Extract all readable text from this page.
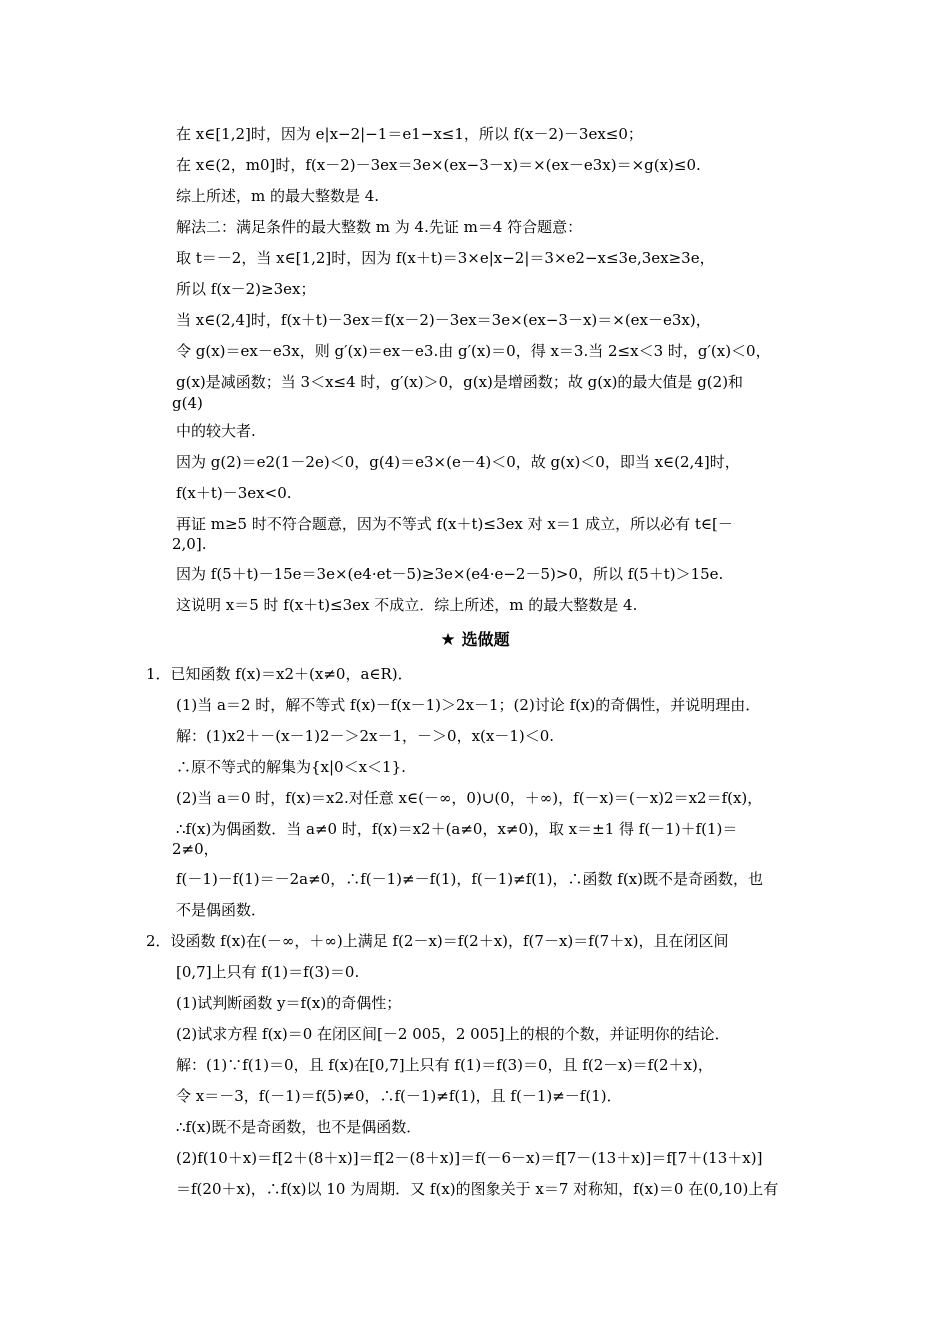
在 x∈[1,2]时，因为 e|x−2|−1＝e1−x≤1，所以 f(x－2)－3ex≤0；
在 x∈(2，m0]时，f(x－2)－3ex＝3e×(ex−3－x)＝×(ex－e3x)＝×g(x)≤0.
综上所述，m 的最大整数是 4.
解法二：满足条件的最大整数 m 为 4.先证 m＝4 符合题意：
取 t＝－2，当 x∈[1,2]时，因为 f(x＋t)＝3×e|x−2|＝3×e2−x≤3e,3ex≥3e，
所以 f(x－2)≥3ex；
当 x∈(2,4]时，f(x＋t)－3ex＝f(x－2)－3ex＝3e×(ex−3－x)＝×(ex－e3x)，
令 g(x)＝ex－e3x，则 g′(x)＝ex－e3.由 g′(x)＝0，得 x＝3.当 2≤x＜3 时，g′(x)＜0，
g(x)是减函数；当 3＜x≤4 时，g′(x)＞0，g(x)是增函数；故 g(x)的最大值是 g(2)和
g(4)
中的较大者.
因为 g(2)＝e2(1－2e)＜0，g(4)＝e3×(e－4)＜0，故 g(x)＜0，即当 x∈(2,4]时，
f(x＋t)－3ex<0.
再证 m≥5 时不符合题意，因为不等式 f(x＋t)≤3ex 对 x＝1 成立，所以必有 t∈[－
2,0].
因为 f(5＋t)－15e＝3e×(e4·et－5)≥3e×(e4·e−2－5)>0，所以 f(5＋t)＞15e.
这说明 x＝5 时 f(x＋t)≤3ex 不成立．综上所述，m 的最大整数是 4.
★ 选做题
1．已知函数 f(x)＝x2＋(x≠0，a∈R)．
(1)当 a＝2 时，解不等式 f(x)－f(x－1)＞2x－1；(2)讨论 f(x)的奇偶性，并说明理由．
解：(1)x2＋－(x－1)2－＞2x－1，－＞0，x(x－1)＜0.
∴原不等式的解集为{x|0＜x＜1}.
(2)当 a＝0 时，f(x)＝x2.对任意 x∈(－∞，0)∪(0，＋∞)，f(－x)＝(－x)2＝x2＝f(x)，
∴f(x)为偶函数．当 a≠0 时，f(x)＝x2＋(a≠0，x≠0)，取 x＝±1 得 f(－1)＋f(1)＝
2≠0，
f(－1)－f(1)＝－2a≠0，∴f(－1)≠－f(1)，f(－1)≠f(1)，∴函数 f(x)既不是奇函数，也
不是偶函数．
2．设函数 f(x)在(－∞，＋∞)上满足 f(2－x)＝f(2＋x)，f(7－x)＝f(7＋x)，且在闭区间
[0,7]上只有 f(1)＝f(3)＝0.
(1)试判断函数 y＝f(x)的奇偶性；
(2)试求方程 f(x)＝0 在闭区间[－2 005，2 005]上的根的个数，并证明你的结论．
解：(1)∵f(1)＝0，且 f(x)在[0,7]上只有 f(1)＝f(3)＝0，且 f(2－x)＝f(2＋x)，
令 x＝－3，f(－1)＝f(5)≠0，∴f(－1)≠f(1)，且 f(－1)≠－f(1)．
∴f(x)既不是奇函数，也不是偶函数．
(2)f(10＋x)＝f[2＋(8＋x)]＝f[2－(8＋x)]＝f(－6－x)＝f[7－(13＋x)]＝f[7＋(13＋x)]
＝f(20＋x)，∴f(x)以 10 为周期．又 f(x)的图象关于 x＝7 对称知，f(x)＝0 在(0,10)上有
